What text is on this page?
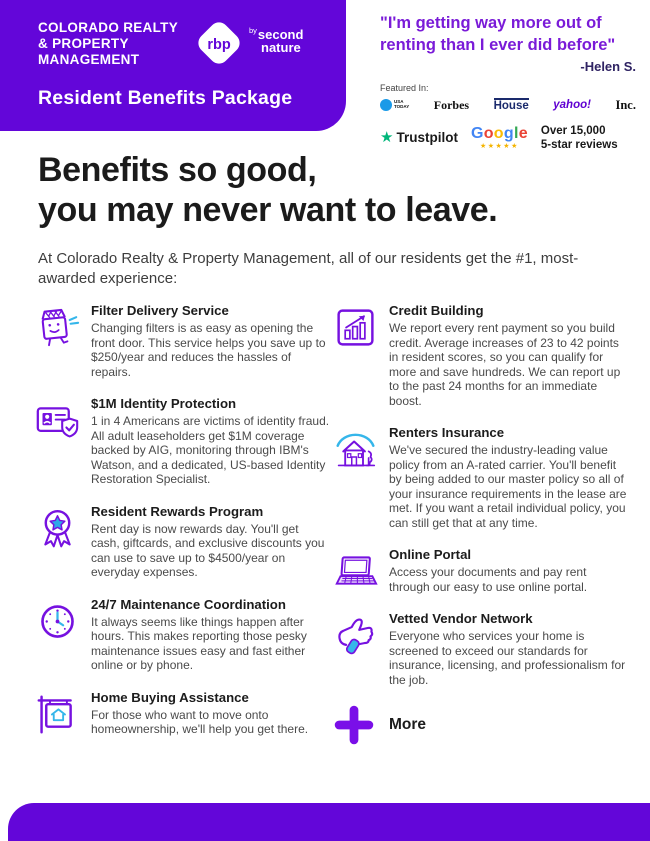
COLORADO REALTY
& PROPERTY
MANAGEMENT
rbp
$^{by}$second
nature
Resident Benefits Package
"I'm getting way more out of
renting than I ever did before"
-Helen S.
Featured In:
USA
TODAY Forbes House yahoo! Inc.
★ Trustpilot Google
★★★★★
Over 15,000
5-star reviews
Benefits so good,
you may never want to leave.
At Colorado Realty & Property Management, all of our residents get the #1, most-awarded experience:
Filter Delivery Service
Changing filters is as easy as opening the front door. This service helps you save up to $250/year and reduces the hassles of repairs.
$1M Identity Protection
1 in 4 Americans are victims of identity fraud. All adult leaseholders get $1M coverage backed by AIG, monitoring through IBM's Watson, and a dedicated, US-based Identity Restoration Specialist.
Resident Rewards Program
Rent day is now rewards day. You'll get cash, giftcards, and exclusive discounts you can use to save up to $4500/year on everyday expenses.
24/7 Maintenance Coordination
It always seems like things happen after hours. This makes reporting those pesky maintenance issues easy and fast either online or by phone.
Home Buying Assistance
For those who want to move onto homeownership, we'll help you get there.
Credit Building
We report every rent payment so you build credit. Average increases of 23 to 42 points in resident scores, so you can qualify for more and save hundreds. We can report up to the past 24 months for an immediate boost.
Renters Insurance
We've secured the industry-leading value policy from an A-rated carrier. You'll benefit by being added to our master policy so all of your insurance requirements in the lease are met. If you want a retail individual policy, you can still get that at any time.
Online Portal
Access your documents and pay rent through our easy to use online portal.
Vetted Vendor Network
Everyone who services your home is screened to exceed our standards for insurance, licensing, and professionalism for the job.
More
